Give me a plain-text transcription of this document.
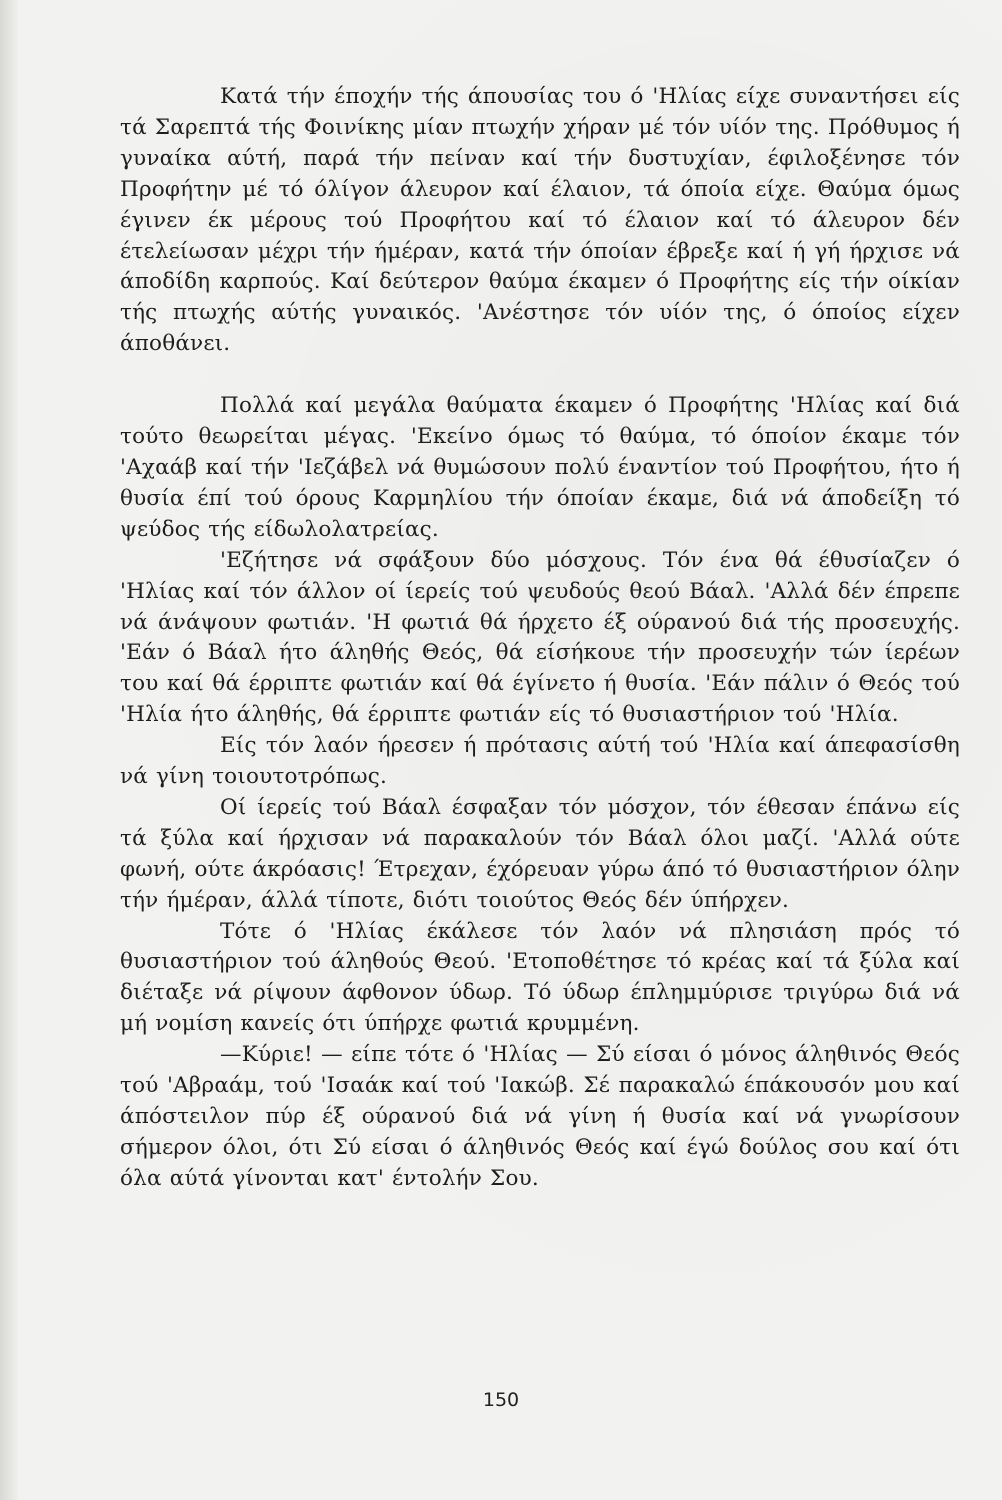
Κατά τήν έποχήν τής άπουσίας του ό 'Ηλίας είχε συναντήσει είς τά Σαρεπτά τής Φοινίκης μίαν πτωχήν χήραν μέ τόν υίόν της. Πρόθυμος ή γυναίκα αύτή, παρά τήν πείναν καί τήν δυστυχίαν, έφιλοξένησε τόν Προφήτην μέ τό όλίγον άλευρον καί έλαιον, τά όποία είχε. Θαύμα όμως έγινεν έκ μέρους τού Προφήτου καί τό έλαιον καί τό άλευρον δέν έτελείωσαν μέχρι τήν ήμέραν, κατά τήν όποίαν έβρεξε καί ή γή ήρχισε νά άποδίδη καρπούς. Καί δεύτερον θαύμα έκαμεν ό Προφήτης είς τήν οίκίαν τής πτωχής αύτής γυναικός. 'Ανέστησε τόν υίόν της, ό όποίος είχεν άποθάνει.

Πολλά καί μεγάλα θαύματα έκαμεν ό Προφήτης 'Ηλίας καί διά τούτο θεωρείται μέγας. 'Εκείνο όμως τό θαύμα, τό όποίον έκαμε τόν 'Αχαάβ καί τήν 'Ιεζάβελ νά θυμώσουν πολύ έναντίον τού Προφήτου, ήτο ή θυσία έπί τού όρους Καρμηλίου τήν όποίαν έκαμε, διά νά άποδείξη τό ψεύδος τής είδωλολατρείας.

'Εζήτησε νά σφάξουν δύο μόσχους. Τόν ένα θά έθυσίαζεν ό 'Ηλίας καί τόν άλλον οί ίερείς τού ψευδούς θεού Βάαλ. 'Αλλά δέν έπρεπε νά άνάψουν φωτιάν. 'Η φωτιά θά ήρχετο έξ ούρανού διά τής προσευχής. 'Εάν ό Βάαλ ήτο άληθής Θεός, θά είσήκουε τήν προσευχήν τών ίερέων του καί θά έρριπτε φωτιάν καί θά έγίνετο ή θυσία. 'Εάν πάλιν ό Θεός τού 'Ηλία ήτο άληθής, θά έρριπτε φωτιάν είς τό θυσιαστήριον τού 'Ηλία.

Είς τόν λαόν ήρεσεν ή πρότασις αύτή τού 'Ηλία καί άπεφασίσθη νά γίνη τοιουτοτρόπως.

Οί ίερείς τού Βάαλ έσφαξαν τόν μόσχον, τόν έθεσαν έπάνω είς τά ξύλα καί ήρχισαν νά παρακαλούν τόν Βάαλ όλοι μαζί. 'Αλλά ούτε φωνή, ούτε άκρόασις! Έτρεχαν, έχόρευαν γύρω άπό τό θυσιαστήριον όλην τήν ήμέραν, άλλά τίποτε, διότι τοιούτος Θεός δέν ύπήρχεν.

Τότε ό 'Ηλίας έκάλεσε τόν λαόν νά πλησιάση πρός τό θυσιαστήριον τού άληθούς Θεού. 'Ετοποθέτησε τό κρέας καί τά ξύλα καί διέταξε νά ρίψουν άφθονον ύδωρ. Τό ύδωρ έπλημμύρισε τριγύρω διά νά μή νομίση κανείς ότι ύπήρχε φωτιά κρυμμένη.

—Κύριε! — είπε τότε ό 'Ηλίας — Σύ είσαι ό μόνος άληθινός Θεός τού 'Αβραάμ, τού 'Ισαάκ καί τού 'Ιακώβ. Σέ παρακαλώ έπάκουσόν μου καί άπόστειλον πύρ έξ ούρανού διά νά γίνη ή θυσία καί νά γνωρίσουν σήμερον όλοι, ότι Σύ είσαι ό άληθινός Θεός καί έγώ δούλος σου καί ότι όλα αύτά γίνονται κατ' έντολήν Σου.

150
